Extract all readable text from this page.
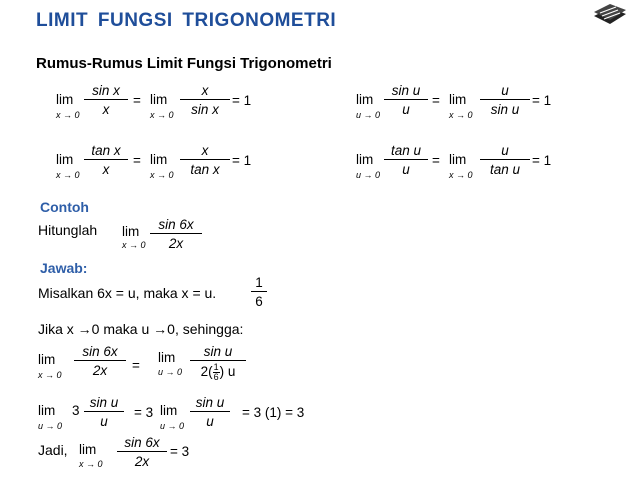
LIMIT FUNGSI TRIGONOMETRI
Rumus-Rumus Limit Fungsi Trigonometri
lim
$x \to 0 \frac{\text{sin x}}{x} = \lim$
$x \to 0 \frac{x}{\text{sin x}} = 1$	lim
$u \to 0 \frac{\text{sin u}}{u} = \lim$
$x \to 0 \frac{u}{\text{sin u}} = 1$
lim
$x \to 0 \frac{\text{tan x}}{x} = \lim$
$x \to 0 \frac{x}{\text{tan x}} = 1$	lim
$u \to 0 \frac{\text{tan u}}{u} = \lim$
$x \to 0 \frac{u}{\text{tan u}} = 1$
Contoh
Hitunglah lim
$x \to 0 \frac{\sin 6x}{2x}$
Jawab:
Misalkan 6x = u, maka x = u.	$\frac{1}{6}$
Jika x →0 maka u →0, sehingga:
lim
$x \to 0 \frac{\sin 6x}{2x}$ =
lim
$u \to 0 \frac{\text{sin u}}{2( \frac{1}{6} ) u}$
lim
u → 0
$3 \frac{\text{sin u}}{u} = 3$ lim
$u \to 0 \frac{\text{sin u}}{u} = 3$ (1) = 3
Jadi, lim
$x \to 0 \frac{\sin 6x}{2x} = 3$
